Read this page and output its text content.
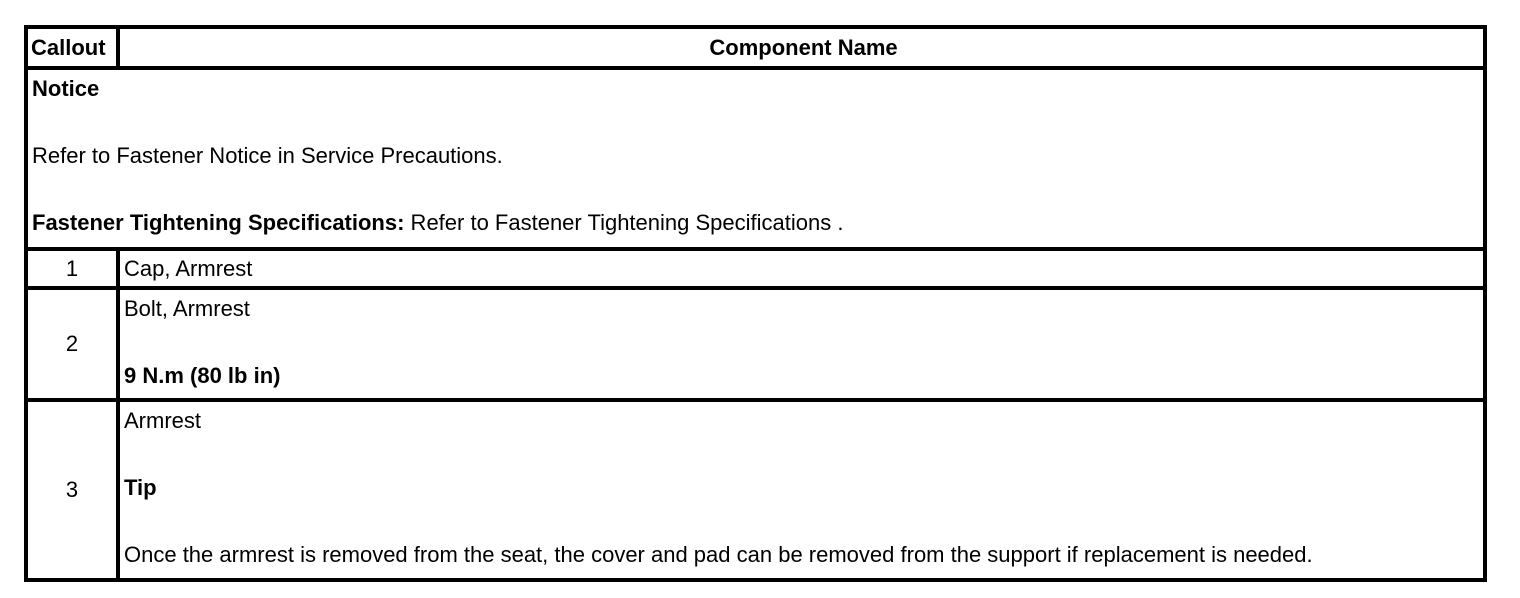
Callout	Component Name

Notice
Refer to Fastener Notice in Service Precautions.
Fastener Tightening Specifications: Refer to Fastener Tightening Specifications .	

1	Cap, Armrest
2	Bolt, Armrest
9 N.m (80 lb in)

3	Armrest
Tip
Once the armrest is removed from the seat, the cover and pad can be removed from the support if replacement is needed.
